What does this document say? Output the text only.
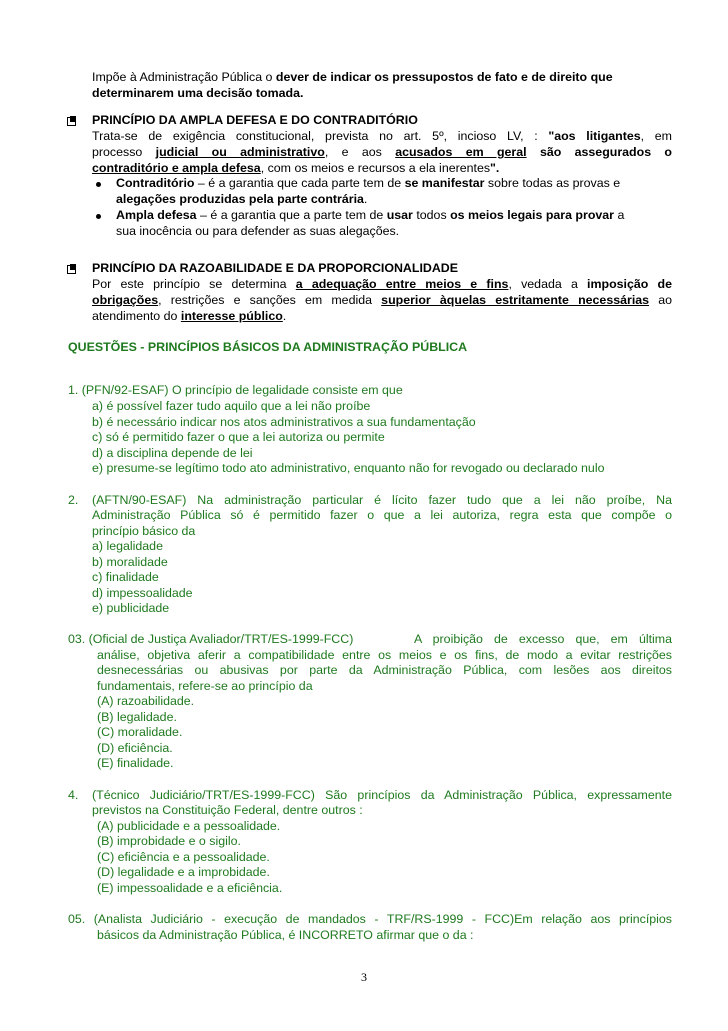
Impõe à Administração Pública o dever de indicar os pressupostos de fato e de direito que
determinarem uma decisão tomada.
PRINCÍPIO DA AMPLA DEFESA E DO CONTRADITÓRIO
Trata-se de exigência constitucional, prevista no art. 5º, incioso LV, : "aos litigantes, em
processo judicial ou administrativo, e aos acusados em geral são assegurados o
contraditório e ampla defesa, com os meios e recursos a ela inerentes".
Contraditório – é a garantia que cada parte tem de se manifestar sobre todas as provas e
alegações produzidas pela parte contrária.
Ampla defesa – é a garantia que a parte tem de usar todos os meios legais para provar a
sua inocência ou para defender as suas alegações.
PRINCÍPIO DA RAZOABILIDADE E DA PROPORCIONALIDADE
Por este princípio se determina a adequação entre meios e fins, vedada a imposição de
obrigações, restrições e sanções em medida superior àquelas estritamente necessárias ao
atendimento do interesse público.
QUESTÕES - PRINCÍPIOS BÁSICOS DA ADMINISTRAÇÃO PÚBLICA
1. (PFN/92-ESAF) O princípio de legalidade consiste em que
a) é possível fazer tudo aquilo que a lei não proíbe
b) é necessário indicar nos atos administrativos a sua fundamentação
c) só é permitido fazer o que a lei autoriza ou permite
d) a disciplina depende de lei
e) presume-se legítimo todo ato administrativo, enquanto não for revogado ou declarado nulo
2. (AFTN/90-ESAF) Na administração particular é lícito fazer tudo que a lei não proíbe, Na
Administração Pública só é permitido fazer o que a lei autoriza, regra esta que compõe o
princípio básico da
a) legalidade
b) moralidade
c) finalidade
d) impessoalidade
e) publicidade
03. (Oficial de Justiça Avaliador/TRT/ES-1999-FCC)	A proibição de excesso que, em última
análise, objetiva aferir a compatibilidade entre os meios e os fins, de modo a evitar restrições
desnecessárias ou abusivas por parte da Administração Pública, com lesões aos direitos
fundamentais, refere-se ao princípio da
(A) razoabilidade.
(B) legalidade.
(C) moralidade.
(D) eficiência.
(E) finalidade.
4. (Técnico Judiciário/TRT/ES-1999-FCC) São princípios da Administração Pública, expressamente
previstos na Constituição Federal, dentre outros :
(A) publicidade e a pessoalidade.
(B) improbidade e o sigilo.
(C) eficiência e a pessoalidade.
(D) legalidade e a improbidade.
(E) impessoalidade e a eficiência.
05. (Analista Judiciário - execução de mandados - TRF/RS-1999 - FCC)Em relação aos princípios
básicos da Administração Pública, é INCORRETO afirmar que o da :
3
